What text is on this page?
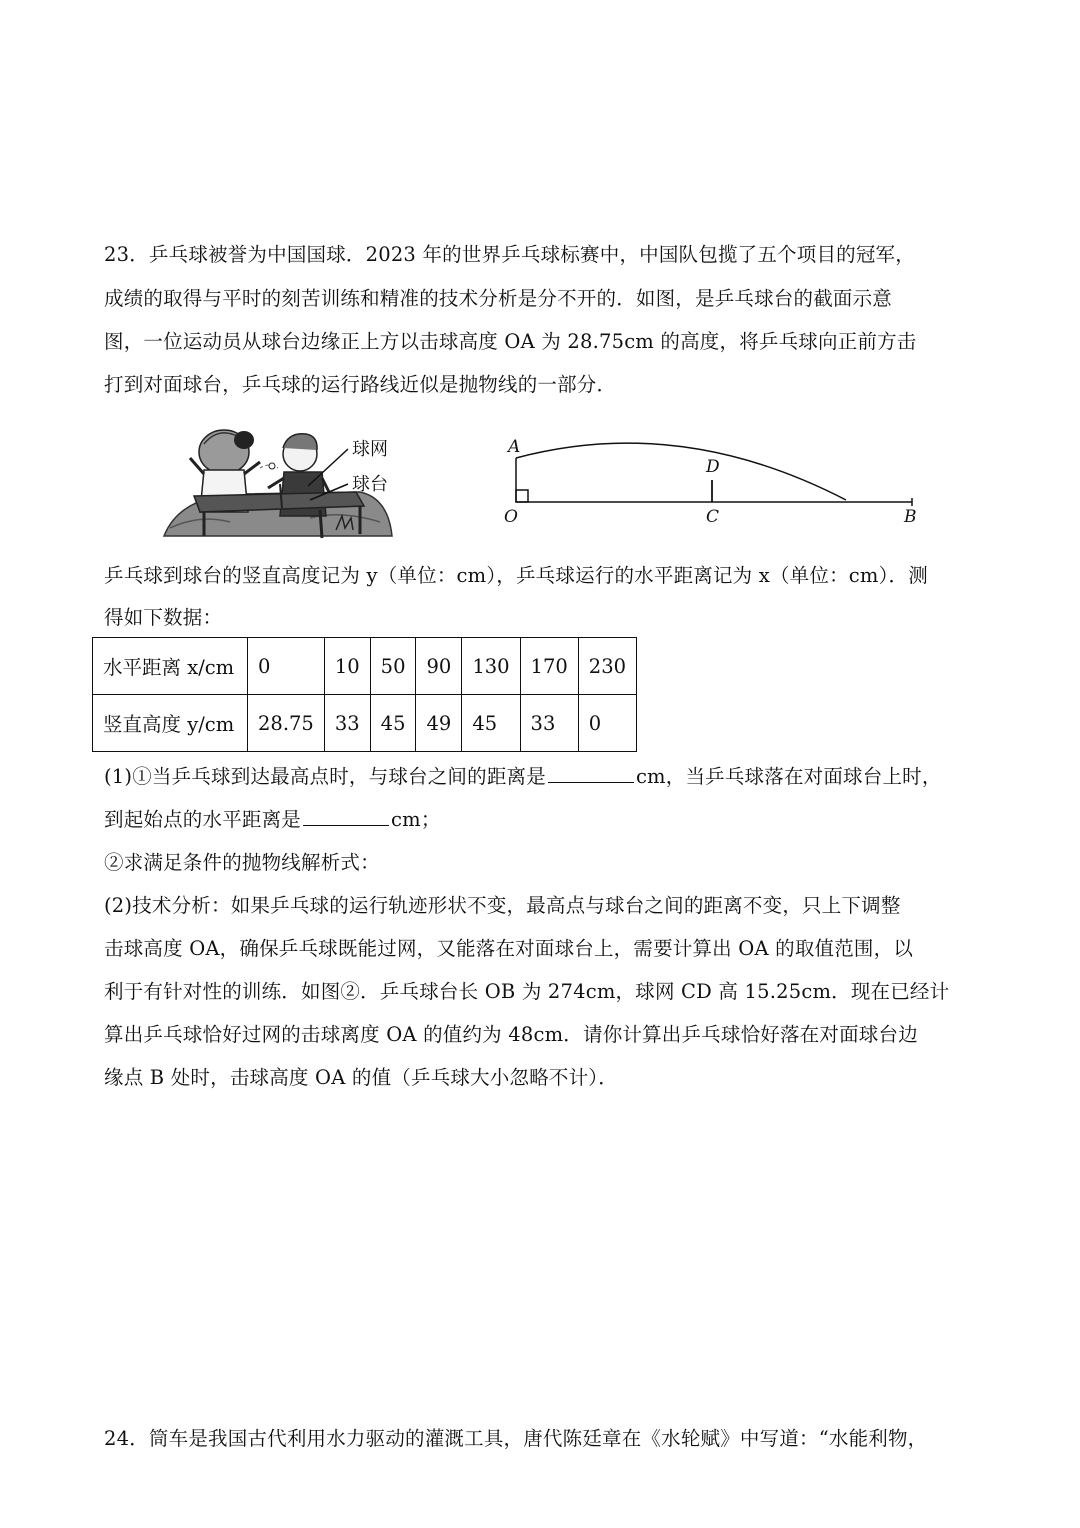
23．乒乓球被誉为中国国球．2023 年的世界乒乓球标赛中，中国队包揽了五个项目的冠军，

成绩的取得与平时的刻苦训练和精准的技术分析是分不开的．如图，是乒乓球台的截面示意

图，一位运动员从球台边缘正上方以击球高度 OA 为 28.75cm 的高度，将乒乓球向正前方击

打到对面球台，乒乓球的运行路线近似是抛物线的一部分．

球网
球台
A
D
O	C	B

乒乓球到球台的竖直高度记为 y（单位：cm），乒乓球运行的水平距离记为 x（单位：cm）．测

得如下数据：

水平距离 x/cm	0	10	50	90	130	170	230
竖直高度 y/cm	28.75	33	45	49	45	33	0

(1)①当乒乓球到达最高点时，与球台之间的距离是	cm，当乒乓球落在对面球台上时，

到起始点的水平距离是	cm；

②求满足条件的抛物线解析式：

(2)技术分析：如果乒乓球的运行轨迹形状不变，最高点与球台之间的距离不变，只上下调整

击球高度 OA，确保乒乓球既能过网，又能落在对面球台上，需要计算出 OA 的取值范围，以

利于有针对性的训练．如图②．乒乓球台长 OB 为 274cm，球网 CD 高 15.25cm．现在已经计

算出乒乓球恰好过网的击球离度 OA 的值约为 48cm．请你计算出乒乓球恰好落在对面球台边

缘点 B 处时，击球高度 OA 的值（乒乓球大小忽略不计）．

24．筒车是我国古代利用水力驱动的灌溉工具，唐代陈廷章在《水轮赋》中写道：“水能利物，
